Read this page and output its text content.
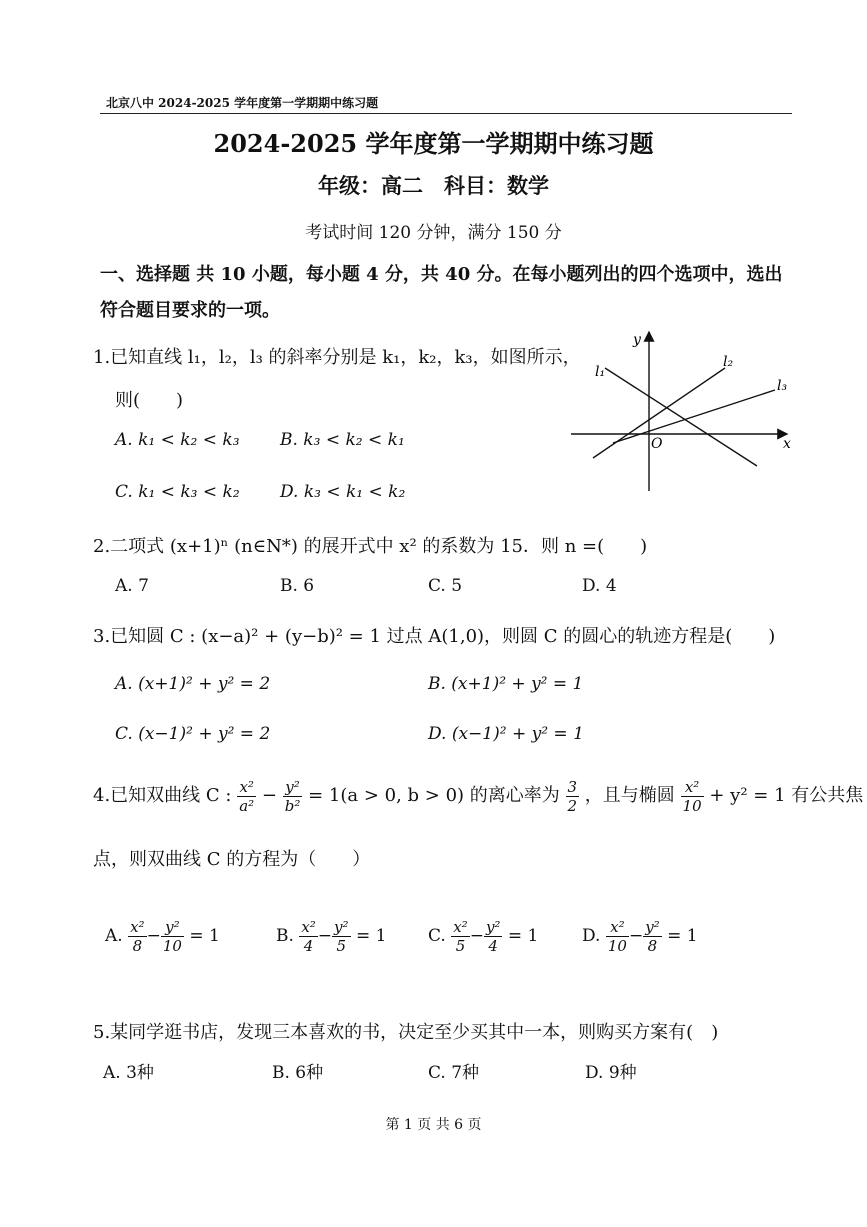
北京八中 2024-2025 学年度第一学期期中练习题
2024-2025 学年度第一学期期中练习题
年级：高二　科目：数学
考试时间 120 分钟，满分 150 分
一、选择题 共 10 小题，每小题 4 分，共 40 分。在每小题列出的四个选项中，选出符合题目要求的一项。
1.已知直线 l₁，l₂，l₃ 的斜率分别是 k₁，k₂，k₃，如图所示，
则(　　)
A. k₁ < k₂ < k₃ B. k₃ < k₂ < k₁
C. k₁ < k₃ < k₂ D. k₃ < k₁ < k₂
y
x
O
l₁
l₂
l₃
2.二项式 (x+1)ⁿ (n∈N*) 的展开式中 x² 的系数为 15．则 n =(　　)
A. 7	B. 6	C. 5	D. 4
3.已知圆 C : (x−a)² + (y−b)² = 1 过点 A(1,0)，则圆 C 的圆心的轨迹方程是(　　)
A. (x+1)² + y² = 2	B. (x+1)² + y² = 1
C. (x−1)² + y² = 2	D. (x−1)² + y² = 1
4.已知双曲线 C : $\frac{\text{x²}}{\text{a²}} - \frac{\text{y²}}{\text{b²}} = 1(a > 0$, b > 0) 的离心率为 $\frac{3}{2}$ ，且与椭圆 $\frac{\text{x²}}{10} + y^2 = 1$ 有公共焦
点，则双曲线 C 的方程为（　　）
A. $\frac{\text{x²}}{8} - \frac{\text{y²}}{10} = 1$	B. $\frac{\text{x²}}{4} - \frac{\text{y²}}{5} = 1$ C. $\frac{\text{x²}}{5} - \frac{\text{y²}}{4} = 1$	D. $\frac{\text{x²}}{10} - \frac{\text{y²}}{8} = 1$
5.某同学逛书店，发现三本喜欢的书，决定至少买其中一本，则购买方案有(　)
A. 3种	B. 6种	C. 7种	D. 9种
第 1 页 共 6 页
